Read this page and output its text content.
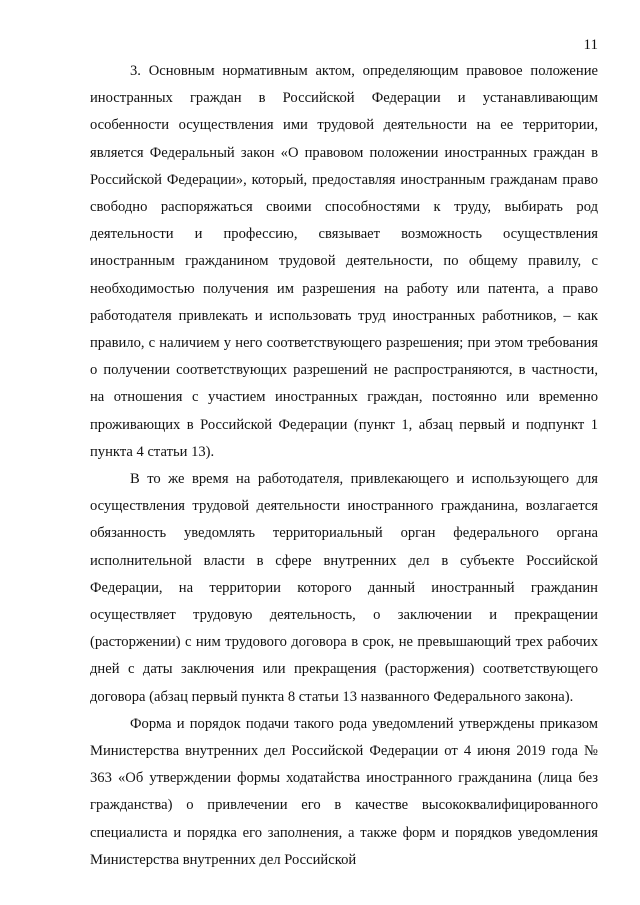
11

3. Основным нормативным актом, определяющим правовое положение иностранных граждан в Российской Федерации и устанавливающим особенности осуществления ими трудовой деятельности на ее территории, является Федеральный закон «О правовом положении иностранных граждан в Российской Федерации», который, предоставляя иностранным гражданам право свободно распоряжаться своими способностями к труду, выбирать род деятельности и профессию, связывает возможность осуществления иностранным гражданином трудовой деятельности, по общему правилу, с необходимостью получения им разрешения на работу или патента, а право работодателя привлекать и использовать труд иностранных работников, – как правило, с наличием у него соответствующего разрешения; при этом требования о получении соответствующих разрешений не распространяются, в частности, на отношения с участием иностранных граждан, постоянно или временно проживающих в Российской Федерации (пункт 1, абзац первый и подпункт 1 пункта 4 статьи 13).

В то же время на работодателя, привлекающего и использующего для осуществления трудовой деятельности иностранного гражданина, возлагается обязанность уведомлять территориальный орган федерального органа исполнительной власти в сфере внутренних дел в субъекте Российской Федерации, на территории которого данный иностранный гражданин осуществляет трудовую деятельность, о заключении и прекращении (расторжении) с ним трудового договора в срок, не превышающий трех рабочих дней с даты заключения или прекращения (расторжения) соответствующего договора (абзац первый пункта 8 статьи 13 названного Федерального закона).

Форма и порядок подачи такого рода уведомлений утверждены приказом Министерства внутренних дел Российской Федерации от 4 июня 2019 года № 363 «Об утверждении формы ходатайства иностранного гражданина (лица без гражданства) о привлечении его в качестве высококвалифицированного специалиста и порядка его заполнения, а также форм и порядков уведомления Министерства внутренних дел Российской
